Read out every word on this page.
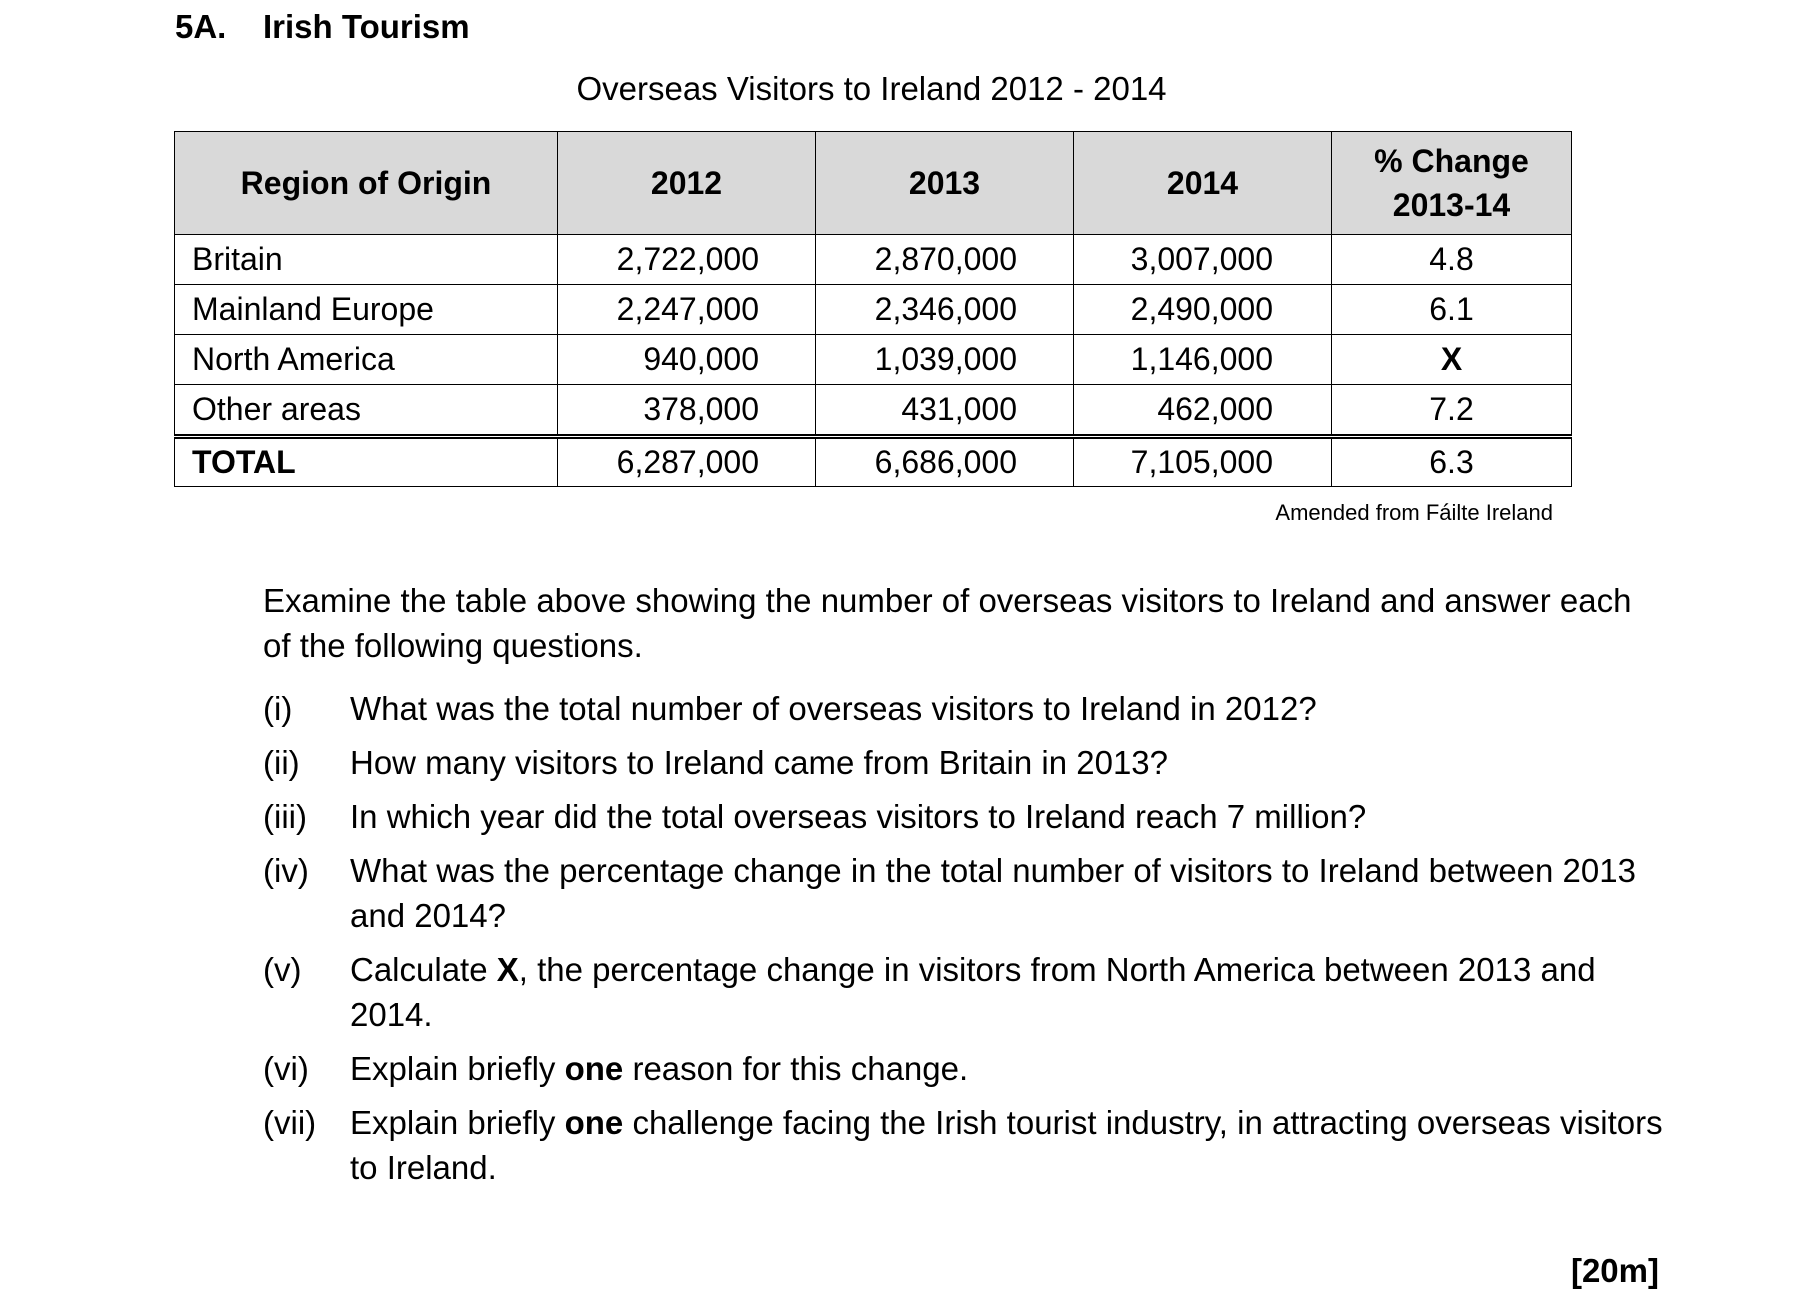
5A. Irish Tourism
Overseas Visitors to Ireland 2012 - 2014
Region of Origin	2012	2013	2014	% Change
2013-14

Britain	2,722,000	2,870,000	3,007,000	4.8
Mainland Europe	2,247,000	2,346,000	2,490,000	6.1
North America	940,000	1,039,000	1,146,000	X
Other areas	378,000	431,000	462,000	7.2
TOTAL	6,287,000	6,686,000	7,105,000	6.3
Amended from Fáilte Ireland
Examine the table above showing the number of overseas visitors to Ireland and answer each of the following questions.
(i)	What was the total number of overseas visitors to Ireland in 2012?
(ii)	How many visitors to Ireland came from Britain in 2013?
(iii)	In which year did the total overseas visitors to Ireland reach 7 million?
(iv)	What was the percentage change in the total number of visitors to Ireland between 2013 and 2014?
(v)	Calculate X, the percentage change in visitors from North America between 2013 and 2014.
(vi)	Explain briefly one reason for this change.
(vii)	Explain briefly one challenge facing the Irish tourist industry, in attracting overseas visitors to Ireland.
[20m]
